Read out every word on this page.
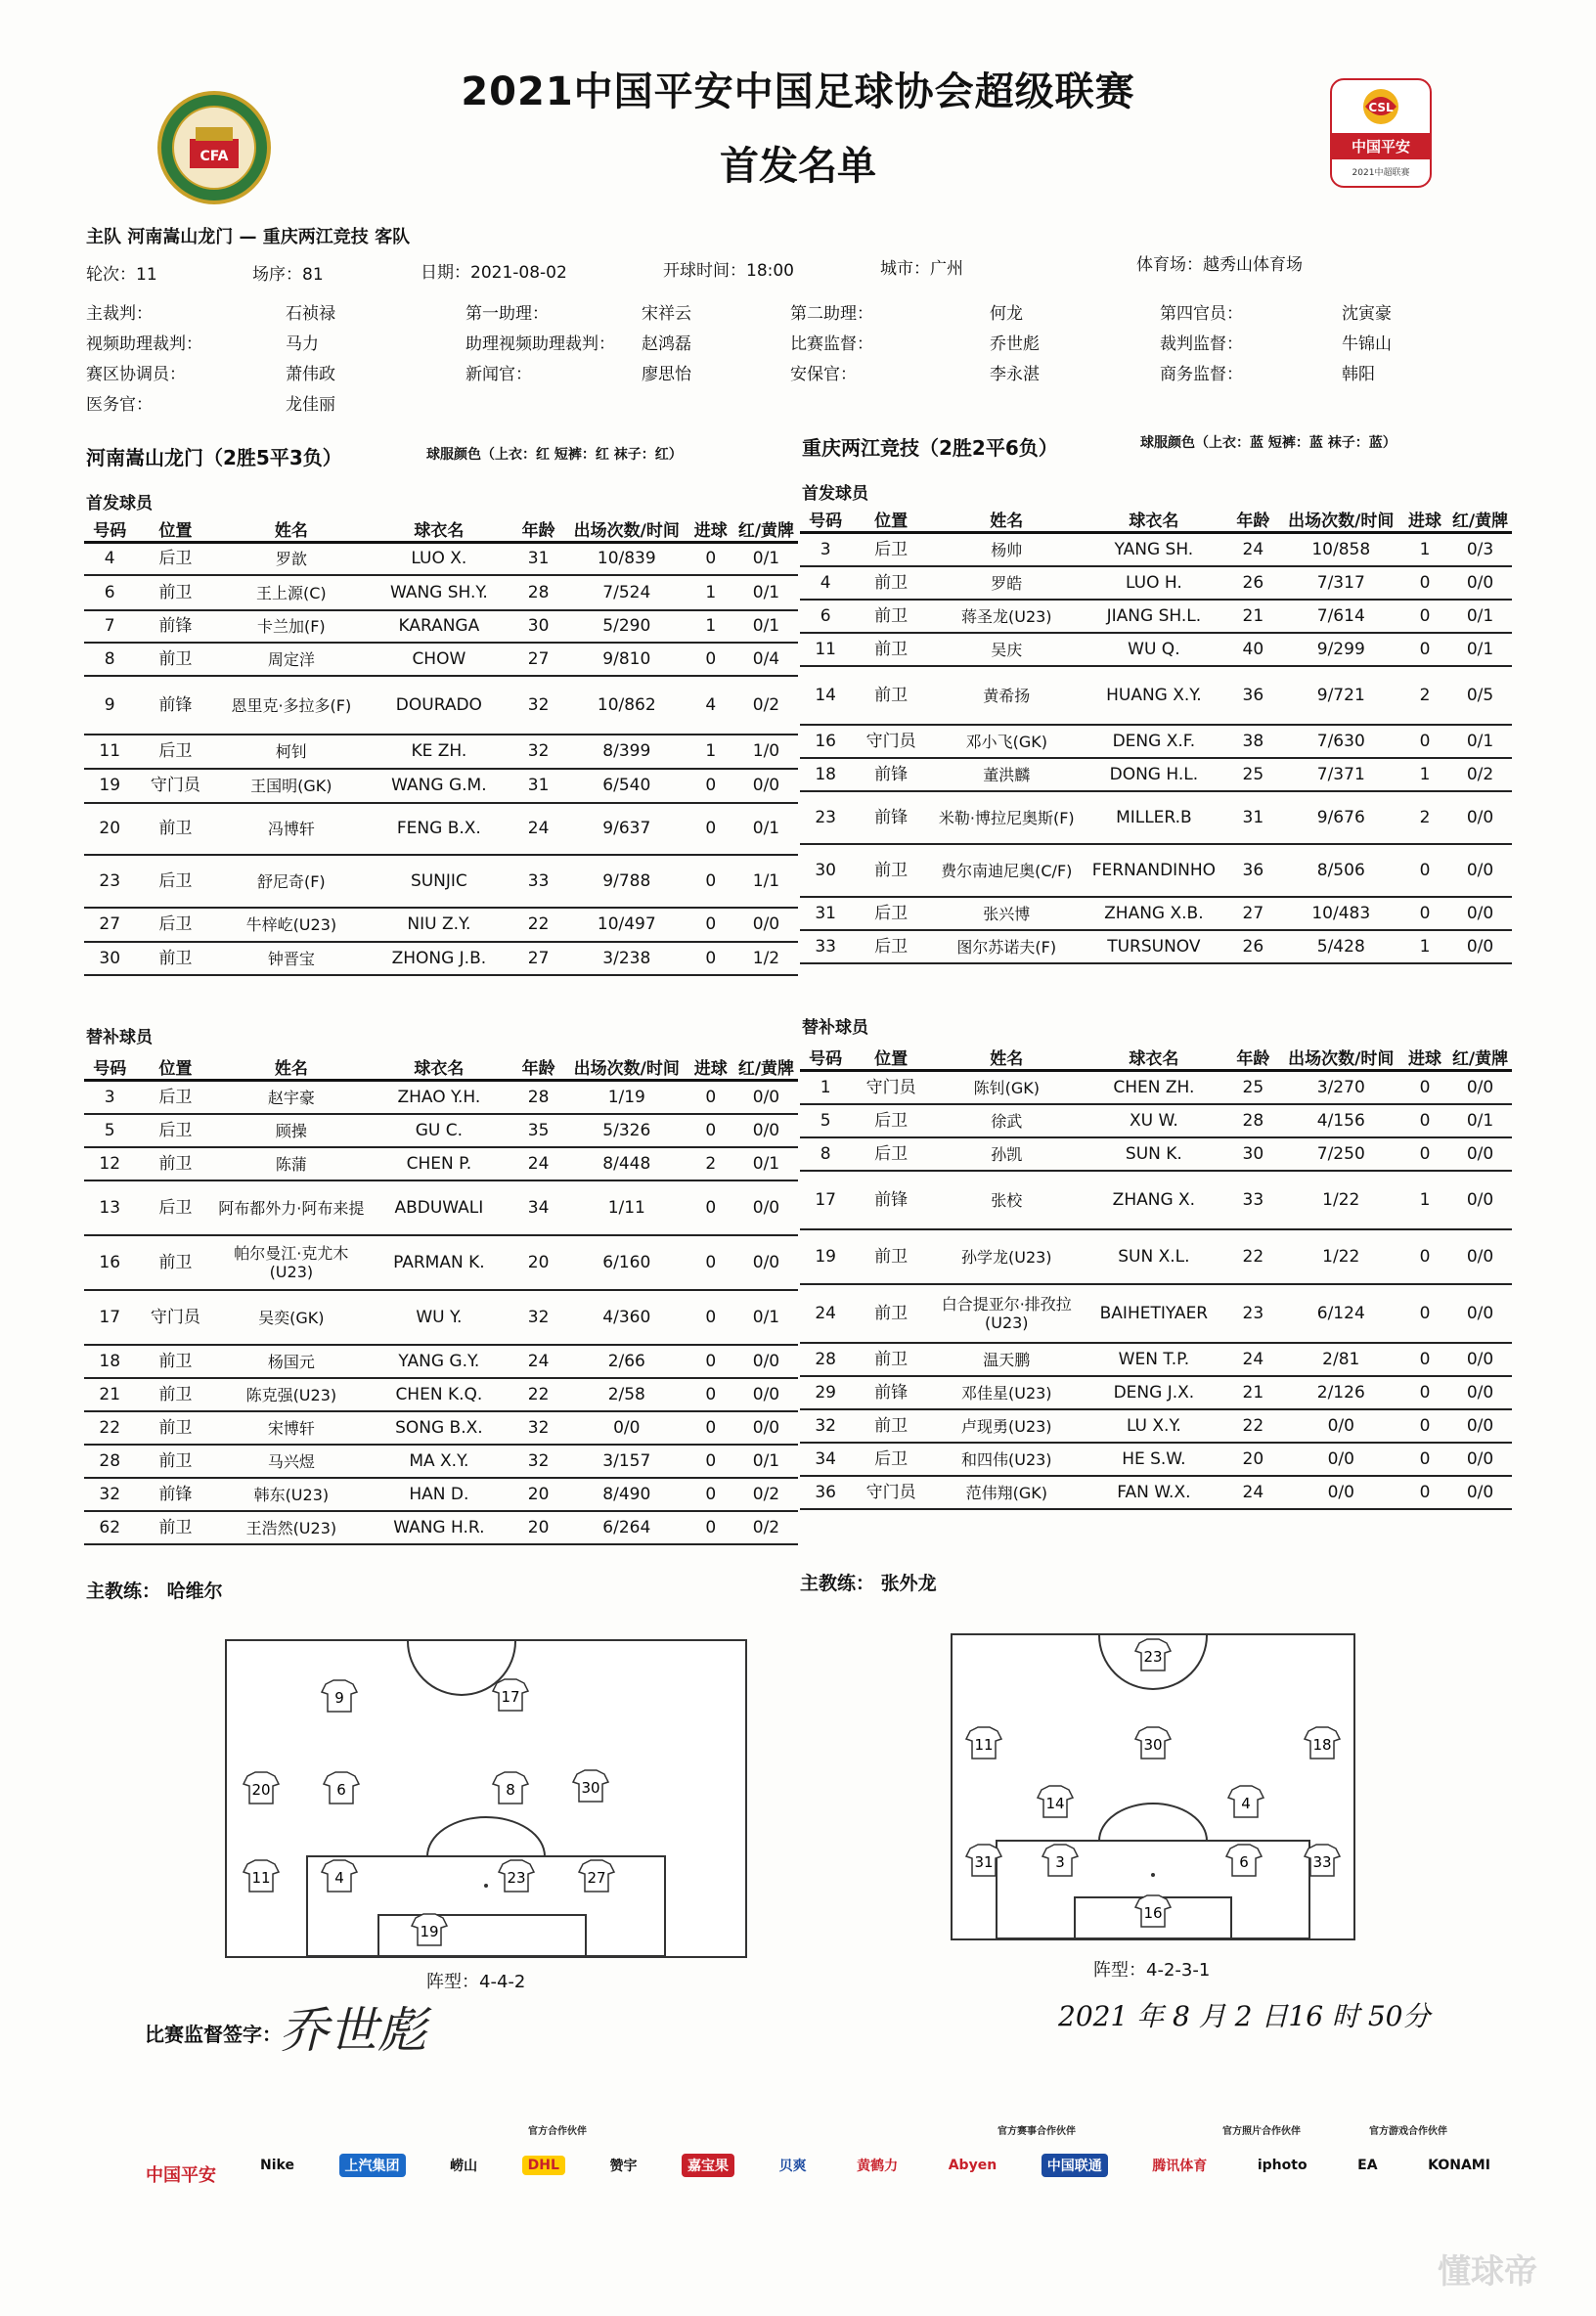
CFA
2021中国平安中国足球协会超级联赛
首发名单
CSL
中国平安
2021中超联赛
主队 河南嵩山龙门 — 重庆两江竞技 客队
轮次：11	场序：81	日期：2021-08-02	开球时间：18:00	城市：广州	体育场：越秀山体育场
主裁判：	石祯禄	第一助理：	宋祥云	第二助理：	何龙	第四官员：	沈寅豪
视频助理裁判：	马力	助理视频助理裁判： 赵鸿磊	比赛监督：	乔世彪	裁判监督：	牛锦山
赛区协调员：	萧伟政	新闻官：	廖思怡	安保官：	李永湛	商务监督：	韩阳
医务官：	龙佳丽
河南嵩山龙门（2胜5平3负）	球服颜色（上衣：红 短裤：红 袜子：红）	重庆两江竞技（2胜2平6负）	球服颜色（上衣：蓝 短裤：蓝 袜子：蓝）
首发球员	首发球员
号码	位置	姓名	球衣名	年龄	出场次数/时间	进球	红/黄牌
4	后卫	罗歆	LUO X.	31	10/839	0	0/1
6	前卫	王上源(C)	WANG SH.Y.	28	7/524	1	0/1
7	前锋	卡兰加(F)	KARANGA	30	5/290	1	0/1
8	前卫	周定洋	CHOW	27	9/810	0	0/4
9	前锋	恩里克·多拉多(F)	DOURADO	32	10/862	4	0/2
11	后卫	柯钊	KE ZH.	32	8/399	1	1/0
19	守门员	王国明(GK)	WANG G.M.	31	6/540	0	0/0
20	前卫	冯博轩	FENG B.X.	24	9/637	0	0/1
23	后卫	舒尼奇(F)	SUNJIC	33	9/788	0	1/1
27	后卫	牛梓屹(U23)	NIU Z.Y.	22	10/497	0	0/0
30	前卫	钟晋宝	ZHONG J.B.	27	3/238	0	1/2
号码	位置	姓名	球衣名	年龄	出场次数/时间	进球	红/黄牌
3	后卫	杨帅	YANG SH.	24	10/858	1	0/3
4	前卫	罗皓	LUO H.	26	7/317	0	0/0
6	前卫	蒋圣龙(U23)	JIANG SH.L.	21	7/614	0	0/1
11	前卫	吴庆	WU Q.	40	9/299	0	0/1
14	前卫	黄希扬	HUANG X.Y.	36	9/721	2	0/5
16	守门员	邓小飞(GK)	DENG X.F.	38	7/630	0	0/1
18	前锋	董洪麟	DONG H.L.	25	7/371	1	0/2
23	前锋	米勒·博拉尼奥斯(F)	MILLER.B	31	9/676	2	0/0
30	前卫	费尔南迪尼奥(C/F)	FERNANDINHO	36	8/506	0	0/0
31	后卫	张兴博	ZHANG X.B.	27	10/483	0	0/0
33	后卫	图尔苏诺夫(F)	TURSUNOV	26	5/428	1	0/0
替补球员	替补球员
号码	位置	姓名	球衣名	年龄	出场次数/时间	进球	红/黄牌
3	后卫	赵宇豪	ZHAO Y.H.	28	1/19	0	0/0
5	后卫	顾操	GU C.	35	5/326	0	0/0
12	前卫	陈蒲	CHEN P.	24	8/448	2	0/1
13	后卫	阿布都外力·阿布来提	ABDUWALI	34	1/11	0	0/0
16	前卫	帕尔曼江·克尤木(U23)	PARMAN K.	20	6/160	0	0/0
17	守门员	吴奕(GK)	WU Y.	32	4/360	0	0/1
18	前卫	杨国元	YANG G.Y.	24	2/66	0	0/0
21	前卫	陈克强(U23)	CHEN K.Q.	22	2/58	0	0/0
22	前卫	宋博轩	SONG B.X.	32	0/0	0	0/0
28	前卫	马兴煜	MA X.Y.	32	3/157	0	0/1
32	前锋	韩东(U23)	HAN D.	20	8/490	0	0/2
62	前卫	王浩然(U23)	WANG H.R.	20	6/264	0	0/2
号码	位置	姓名	球衣名	年龄	出场次数/时间	进球	红/黄牌
1	守门员	陈钊(GK)	CHEN ZH.	25	3/270	0	0/0
5	后卫	徐武	XU W.	28	4/156	0	0/1
8	后卫	孙凯	SUN K.	30	7/250	0	0/0
17	前锋	张校	ZHANG X.	33	1/22	1	0/0
19	前卫	孙学龙(U23)	SUN X.L.	22	1/22	0	0/0
24	前卫	白合提亚尔·排孜拉(U23)	BAIHETIYAER	23	6/124	0	0/0
28	前卫	温天鹏	WEN T.P.	24	2/81	0	0/0
29	前锋	邓佳星(U23)	DENG J.X.	21	2/126	0	0/0
32	前卫	卢现勇(U23)	LU X.Y.	22	0/0	0	0/0
34	后卫	和四伟(U23)	HE S.W.	20	0/0	0	0/0
36	守门员	范伟翔(GK)	FAN W.X.	24	0/0	0	0/0
主教练： 哈维尔	主教练： 张外龙
9	17
20	6	8	30
11	4	23	27
19
阵型：4-4-2
23
11	30	18
14	4
31	3	6	33
16
阵型：4-2-3-1
比赛监督签字：
乔世彪	2021 年 8 月 2 日16 时 50分
中国平安
官方合作伙伴	官方赛事合作伙伴	官方照片合作伙伴	官方游戏合作伙伴
Nike	上汽集团	崂山	DHL	赞宇	嘉宝果	贝爽	黄鹤力	Abyen	中国联通	腾讯体育	iphoto	EA	KONAMI
懂球帝
